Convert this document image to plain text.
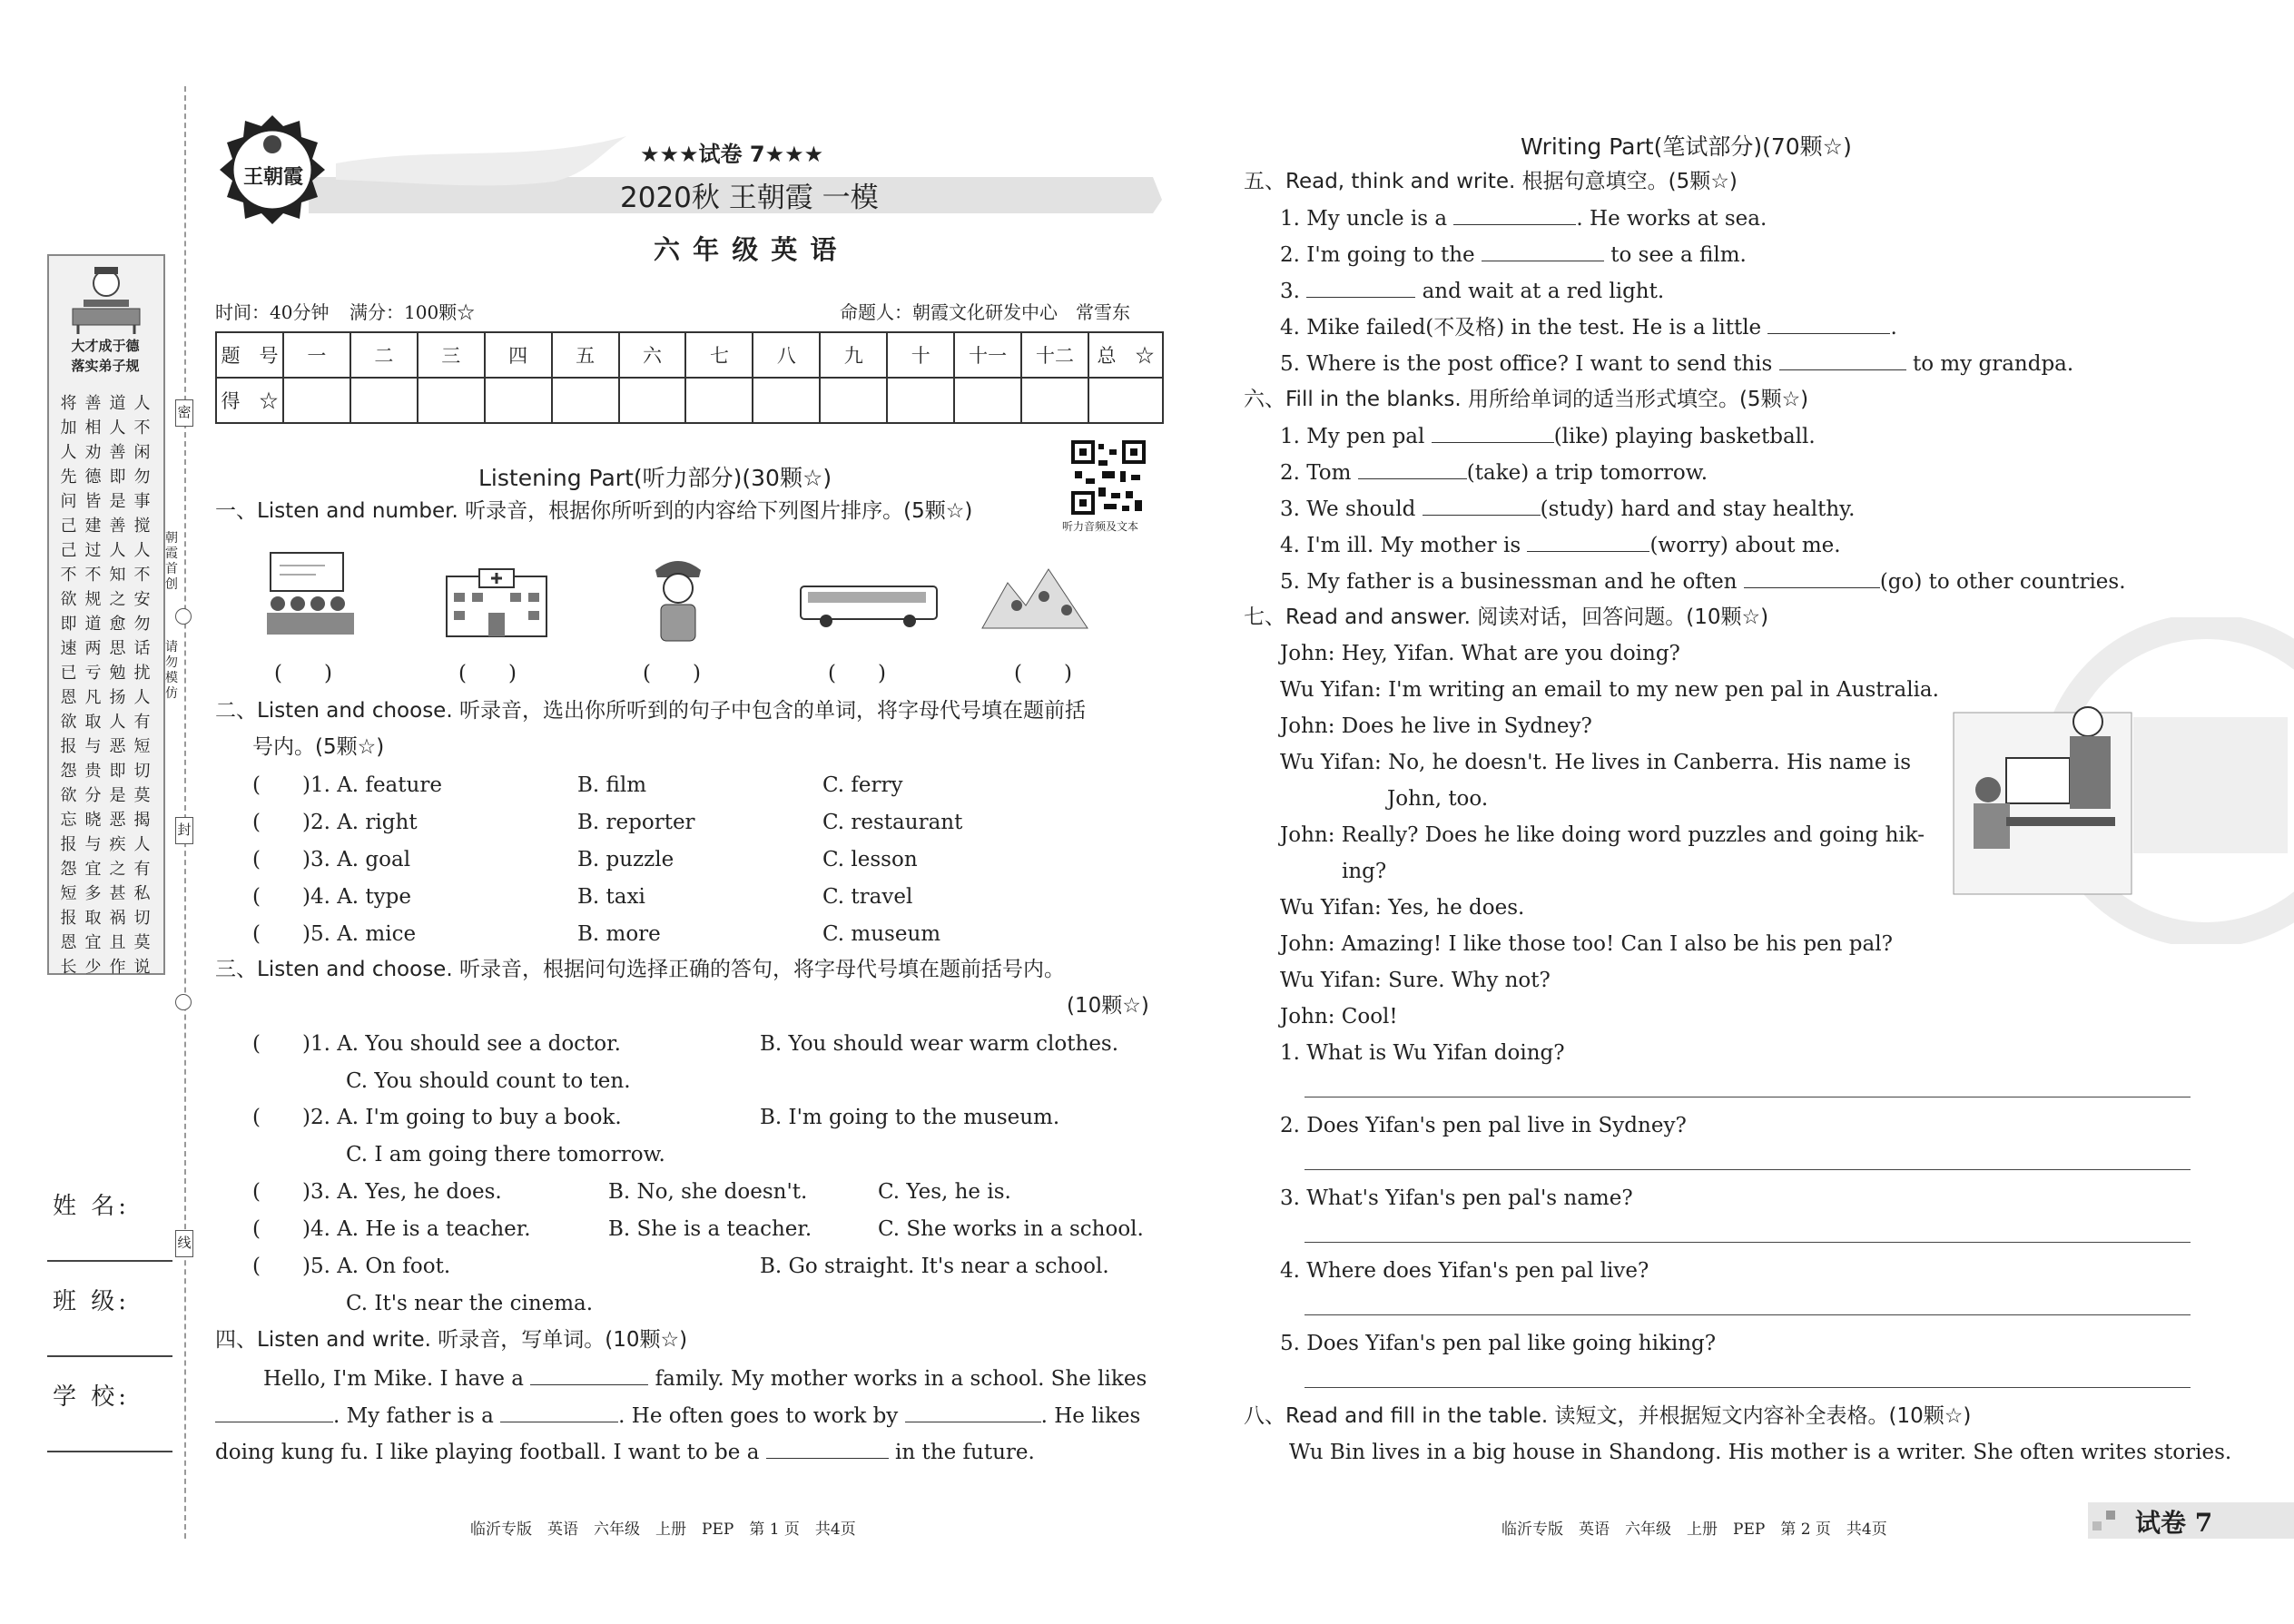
大才成于德
落实弟子规
将 善 道 人
加 相 人 不
人 劝 善 闲
先 德 即 勿
问 皆 是 事
己 建 善 搅
己 过 人 人
不 不 知 不
欲 规 之 安
即 道 愈 勿
速 两 思 话
已 亏 勉 扰
恩 凡 扬 人
欲 取 人 有
报 与 恶 短
怨 贵 即 切
欲 分 是 莫
忘 晓 恶 揭
报 与 疾 人
怨 宜 之 有
短 多 甚 私
报 取 祸 切
恩 宜 且 莫
长 少 作 说
密
封
线
朝霞首创
请勿模仿
姓 名:
班 级:
学 校:
王朝霞
★★★试卷 7★★★
2020秋 王朝霞 一模
六 年 级 英 语
时间：40分钟 满分：100颗☆	命题人：朝霞文化研发中心　常雪东
题　号	一	二	三	四	五	六	七	八	九	十	十一	十二	总　☆
得　☆													
Listening Part(听力部分)(30颗☆)
听力音频及文本
一、Listen and number. 听录音，根据你所听到的内容给下列图片排序。(5颗☆)
(　　)	(　　)	(　　)	(　　)	(　　)
二、Listen and choose. 听录音，选出你所听到的句子中包含的单词，将字母代号填在题前括
号内。(5颗☆)
(　　)1. A. feature	B. film	C. ferry
(　　)2. A. right	B. reporter	C. restaurant
(　　)3. A. goal	B. puzzle	C. lesson
(　　)4. A. type	B. taxi	C. travel
(　　)5. A. mice	B. more	C. museum
三、Listen and choose. 听录音，根据问句选择正确的答句，将字母代号填在题前括号内。
(10颗☆)
(　　)1. A. You should see a doctor.	B. You should wear warm clothes.
C. You should count to ten.
(　　)2. A. I'm going to buy a book.	B. I'm going to the museum.
C. I am going there tomorrow.
(　　)3. A. Yes, he does.	B. No, she doesn't.	C. Yes, he is.
(　　)4. A. He is a teacher.	B. She is a teacher.	C. She works in a school.
(　　)5. A. On foot.	B. Go straight. It's near a school.
C. It's near the cinema.
四、Listen and write. 听录音，写单词。(10颗☆)
Hello, I'm Mike. I have a	family. My mother works in a school. She likes
. My father is a	. He often goes to work by	. He likes
doing kung fu. I like playing football. I want to be a	in the future.
Writing Part(笔试部分)(70颗☆)
五、Read, think and write. 根据句意填空。(5颗☆)
1. My uncle is a	. He works at sea.
2. I'm going to the	to see a film.
3.	and wait at a red light.
4. Mike failed(不及格) in the test. He is a little	.
5. Where is the post office? I want to send this	to my grandpa.
六、Fill in the blanks. 用所给单词的适当形式填空。(5颗☆)
1. My pen pal	(like) playing basketball.
2. Tom	(take) a trip tomorrow.
3. We should	(study) hard and stay healthy.
4. I'm ill. My mother is	(worry) about me.
5. My father is a businessman and he often	(go) to other countries.
七、Read and answer. 阅读对话，回答问题。(10颗☆)
John: Hey, Yifan. What are you doing?
Wu Yifan: I'm writing an email to my new pen pal in Australia.
John: Does he live in Sydney?
Wu Yifan: No, he doesn't. He lives in Canberra. His name is
John, too.
John: Really? Does he like doing word puzzles and going hik-
ing?
Wu Yifan: Yes, he does.
John: Amazing! I like those too! Can I also be his pen pal?
Wu Yifan: Sure. Why not?
John: Cool!
1. What is Wu Yifan doing?
2. Does Yifan's pen pal live in Sydney?
3. What's Yifan's pen pal's name?
4. Where does Yifan's pen pal live?
5. Does Yifan's pen pal like going hiking?
八、Read and fill in the table. 读短文，并根据短文内容补全表格。(10颗☆)
Wu Bin lives in a big house in Shandong. His mother is a writer. She often writes stories.
临沂专版　英语　六年级　上册　PEP　第 1 页　共4页	临沂专版　英语　六年级　上册　PEP　第 2 页　共4页	试卷 7
